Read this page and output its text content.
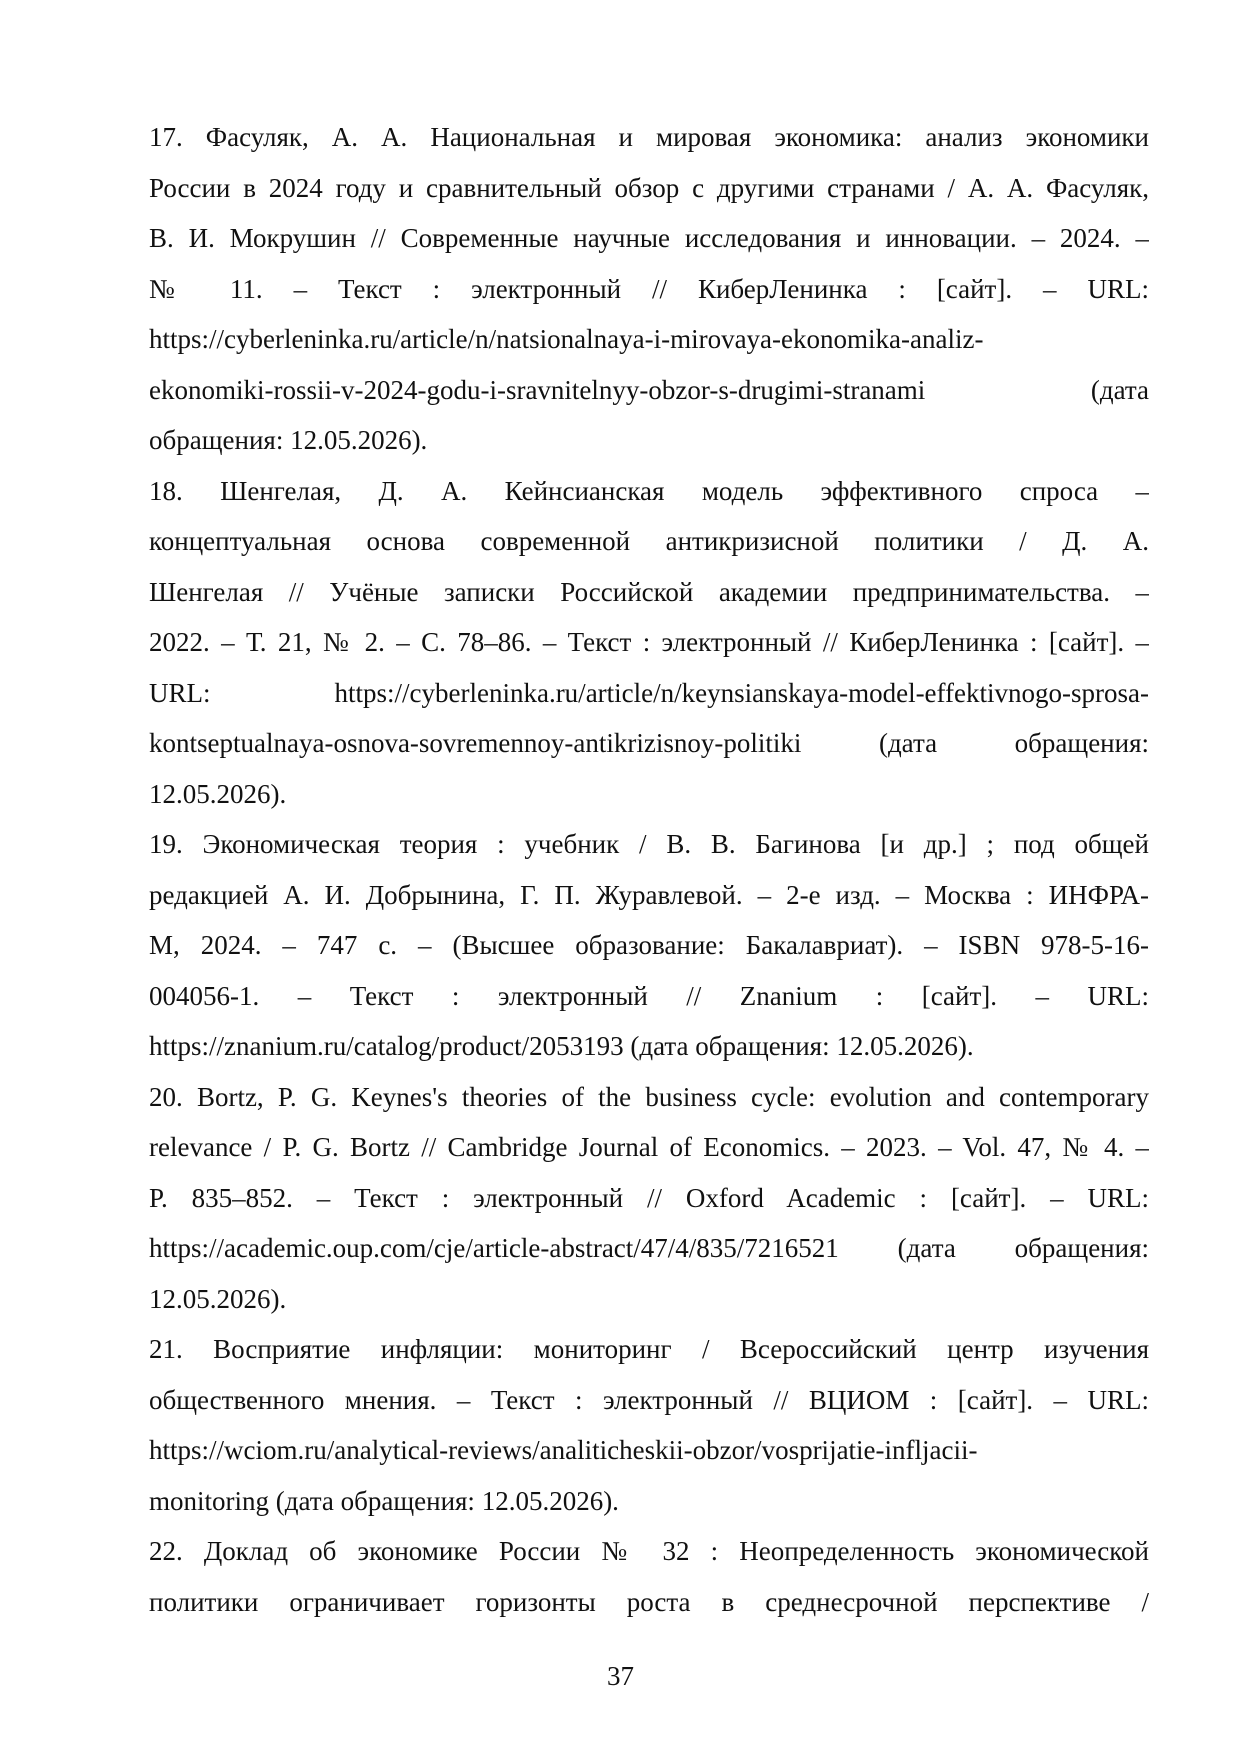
17. Фасуляк, А. А. Национальная и мировая экономика: анализ экономики
России в 2024 году и сравнительный обзор с другими странами / А. А. Фасуляк,
В. И. Мокрушин // Современные научные исследования и инновации. – 2024. –
№ 11. – Текст : электронный // КиберЛенинка : [сайт]. – URL:
https://cyberleninka.ru/article/n/natsionalnaya-i-mirovaya-ekonomika-analiz-
ekonomiki-rossii-v-2024-godu-i-sravnitelnyy-obzor-s-drugimi-stranami (дата
обращения: 12.05.2026).
18. Шенгелая, Д. А. Кейнсианская модель эффективного спроса –
концептуальная основа современной антикризисной политики / Д. А.
Шенгелая // Учёные записки Российской академии предпринимательства. –
2022. – Т. 21, № 2. – С. 78–86. – Текст : электронный // КиберЛенинка : [сайт]. –
URL: https://cyberleninka.ru/article/n/keynsianskaya-model-effektivnogo-sprosa-
kontseptualnaya-osnova-sovremennoy-antikrizisnoy-politiki (дата обращения:
12.05.2026).
19. Экономическая теория : учебник / В. В. Багинова [и др.] ; под общей
редакцией А. И. Добрынина, Г. П. Журавлевой. – 2-е изд. – Москва : ИНФРА-
М, 2024. – 747 с. – (Высшее образование: Бакалавриат). – ISBN 978-5-16-
004056-1. – Текст : электронный // Znanium : [сайт]. – URL:
https://znanium.ru/catalog/product/2053193 (дата обращения: 12.05.2026).
20. Bortz, P. G. Keynes's theories of the business cycle: evolution and contemporary
relevance / P. G. Bortz // Cambridge Journal of Economics. – 2023. – Vol. 47, № 4. –
P. 835–852. – Текст : электронный // Oxford Academic : [сайт]. – URL:
https://academic.oup.com/cje/article-abstract/47/4/835/7216521 (дата обращения:
12.05.2026).
21. Восприятие инфляции: мониторинг / Всероссийский центр изучения
общественного мнения. – Текст : электронный // ВЦИОМ : [сайт]. – URL:
https://wciom.ru/analytical-reviews/analiticheskii-obzor/vosprijatie-infljacii-
monitoring (дата обращения: 12.05.2026).
22. Доклад об экономике России № 32 : Неопределенность экономической
политики ограничивает горизонты роста в среднесрочной перспективе /
37
